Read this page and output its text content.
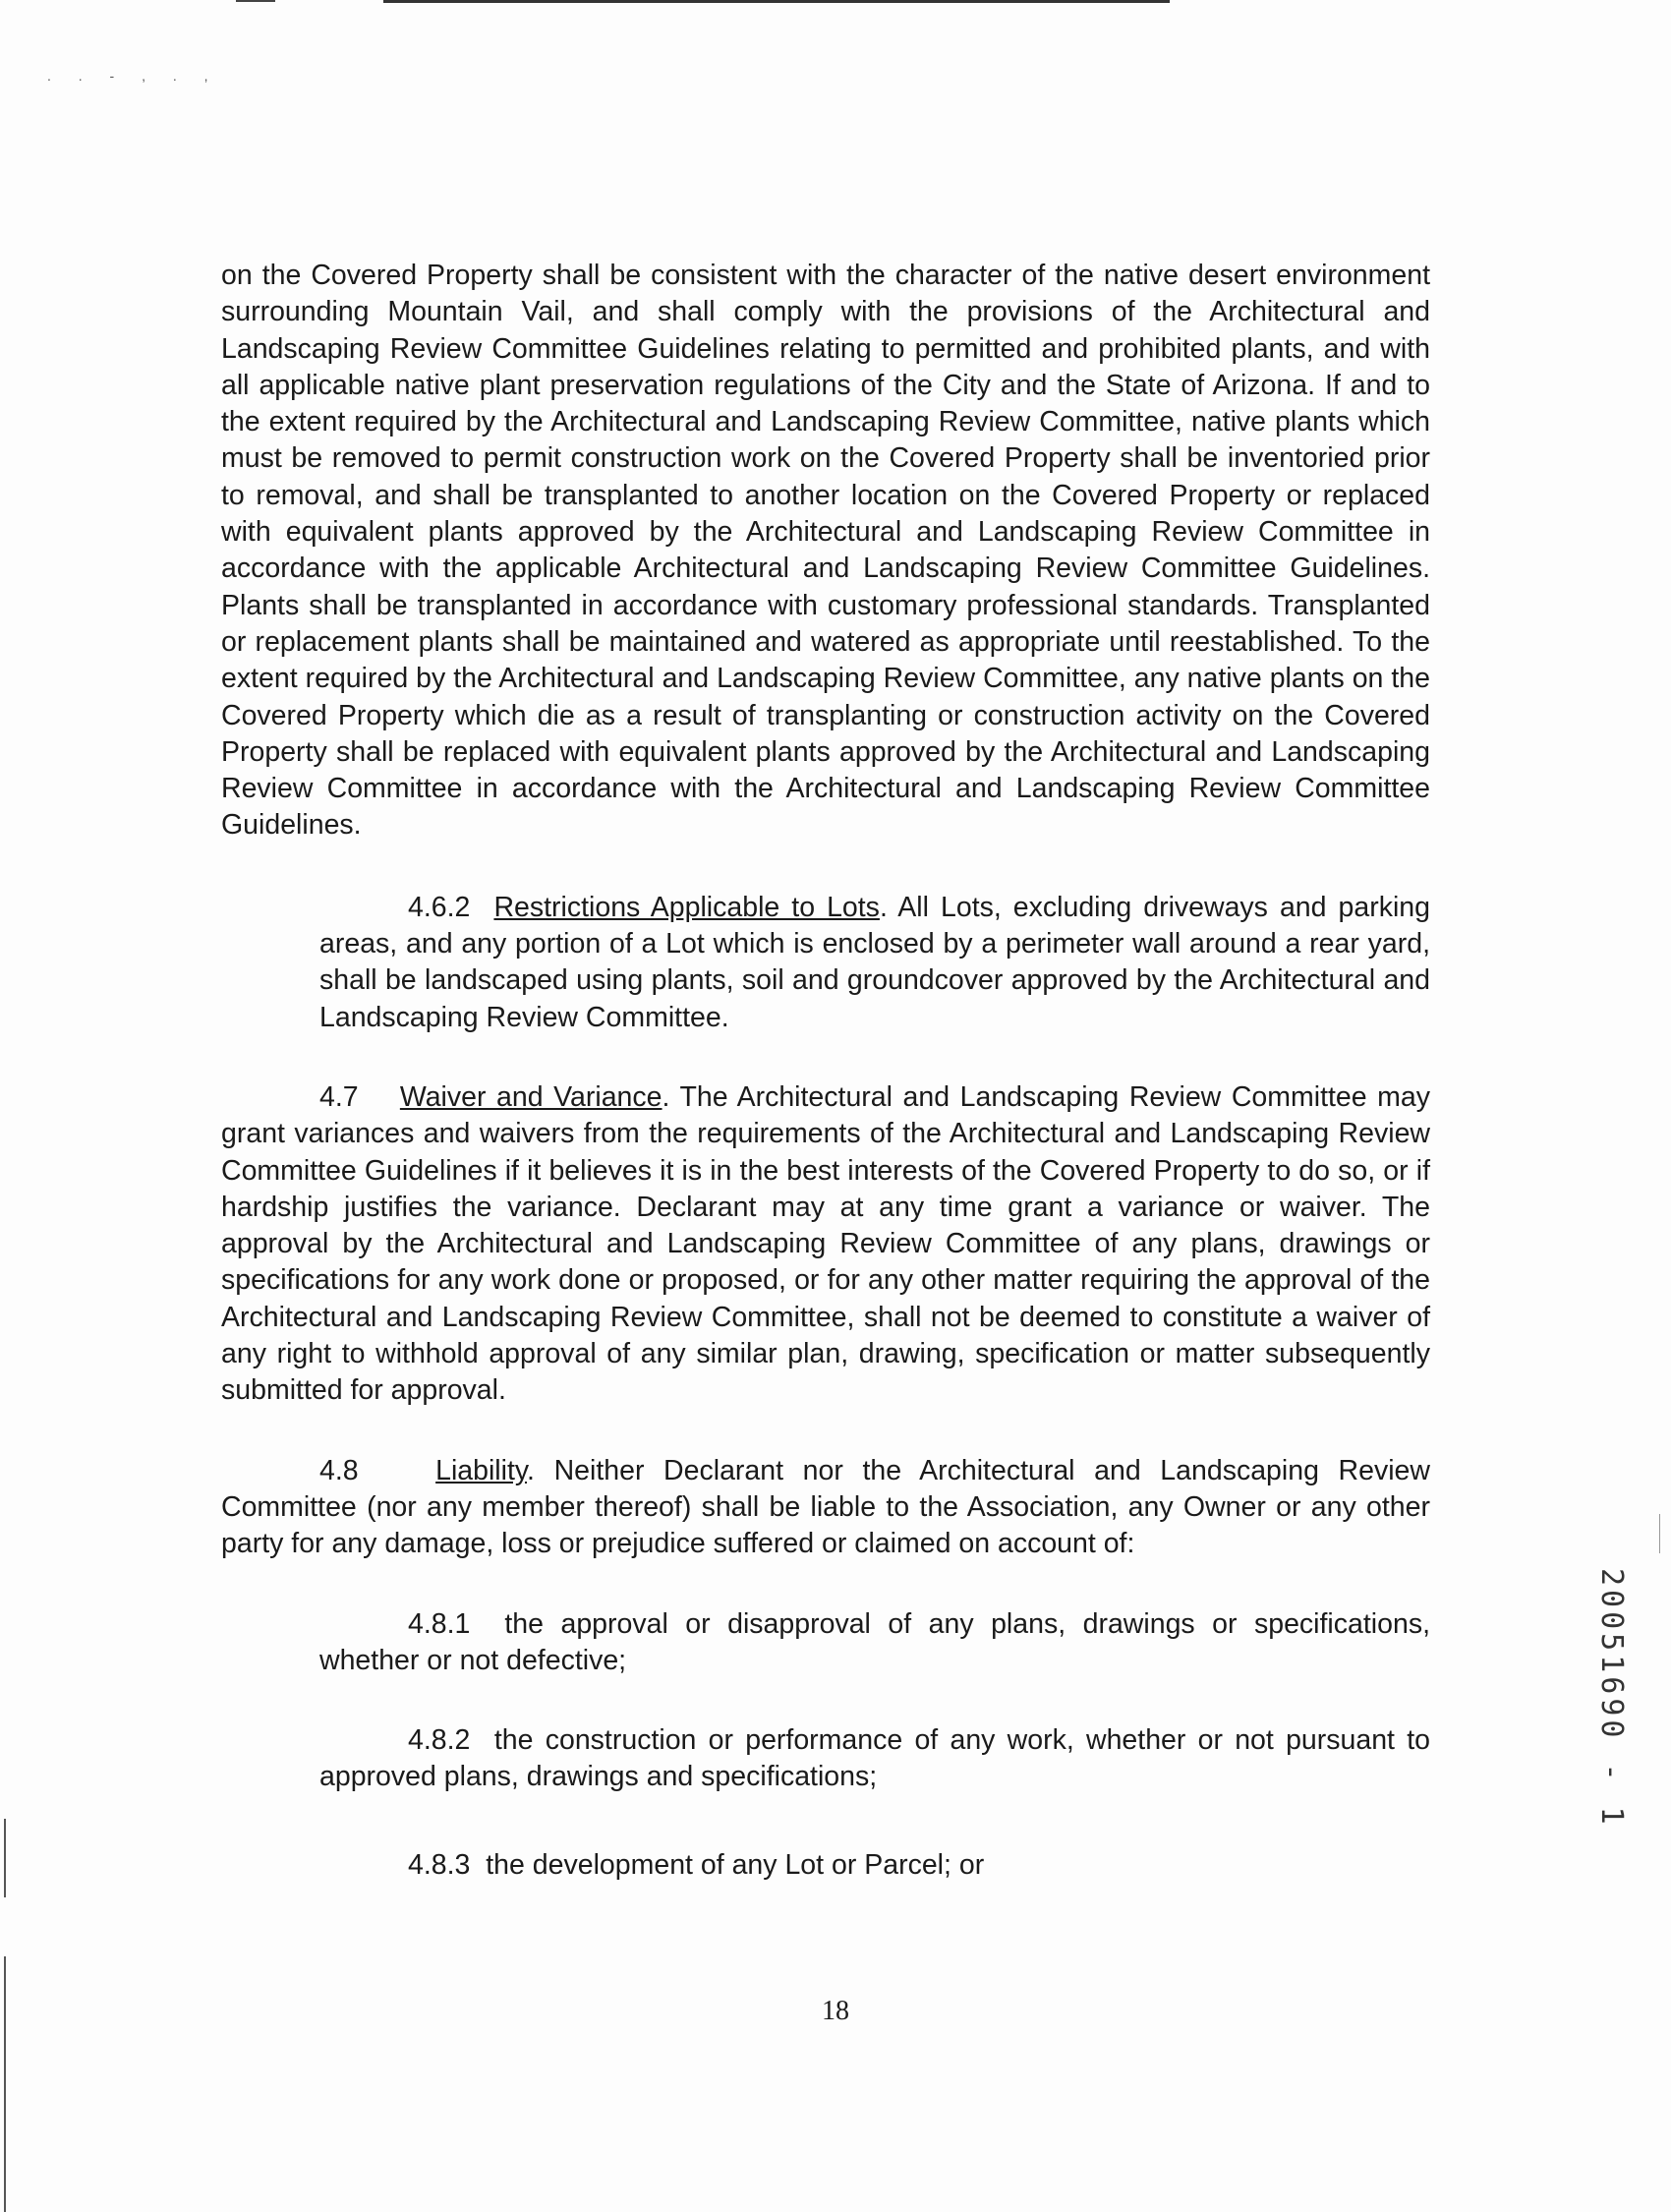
. . - , . ,

on the Covered Property shall be consistent with the character of the native desert environment surrounding Mountain Vail, and shall comply with the provisions of the Architectural and Landscaping Review Committee Guidelines relating to permitted and prohibited plants, and with all applicable native plant preservation regulations of the City and the State of Arizona. If and to the extent required by the Architectural and Landscaping Review Committee, native plants which must be removed to permit construction work on the Covered Property shall be inventoried prior to removal, and shall be transplanted to another location on the Covered Property or replaced with equivalent plants approved by the Architectural and Landscaping Review Committee in accordance with the applicable Architectural and Landscaping Review Committee Guidelines. Plants shall be transplanted in accordance with customary professional standards. Transplanted or replacement plants shall be maintained and watered as appropriate until reestablished. To the extent required by the Architectural and Landscaping Review Committee, any native plants on the Covered Property which die as a result of transplanting or construction activity on the Covered Property shall be replaced with equivalent plants approved by the Architectural and Landscaping Review Committee in accordance with the Architectural and Landscaping Review Committee Guidelines.

4.6.2 Restrictions Applicable to Lots. All Lots, excluding driveways and parking areas, and any portion of a Lot which is enclosed by a perimeter wall around a rear yard, shall be landscaped using plants, soil and groundcover approved by the Architectural and Landscaping Review Committee.

4.7 Waiver and Variance. The Architectural and Landscaping Review Committee may grant variances and waivers from the requirements of the Architectural and Landscaping Review Committee Guidelines if it believes it is in the best interests of the Covered Property to do so, or if hardship justifies the variance. Declarant may at any time grant a variance or waiver. The approval by the Architectural and Landscaping Review Committee of any plans, drawings or specifications for any work done or proposed, or for any other matter requiring the approval of the Architectural and Landscaping Review Committee, shall not be deemed to constitute a waiver of any right to withhold approval of any similar plan, drawing, specification or matter subsequently submitted for approval.

4.8	Liability. Neither Declarant nor the Architectural and Landscaping Review Committee (nor any member thereof) shall be liable to the Association, any Owner or any other party for any damage, loss or prejudice suffered or claimed on account of:

4.8.1 the approval or disapproval of any plans, drawings or specifications, whether or not defective;

4.8.2 the construction or performance of any work, whether or not pursuant to approved plans, drawings and specifications;

4.8.3 the development of any Lot or Parcel; or

18
20051690 - 1
